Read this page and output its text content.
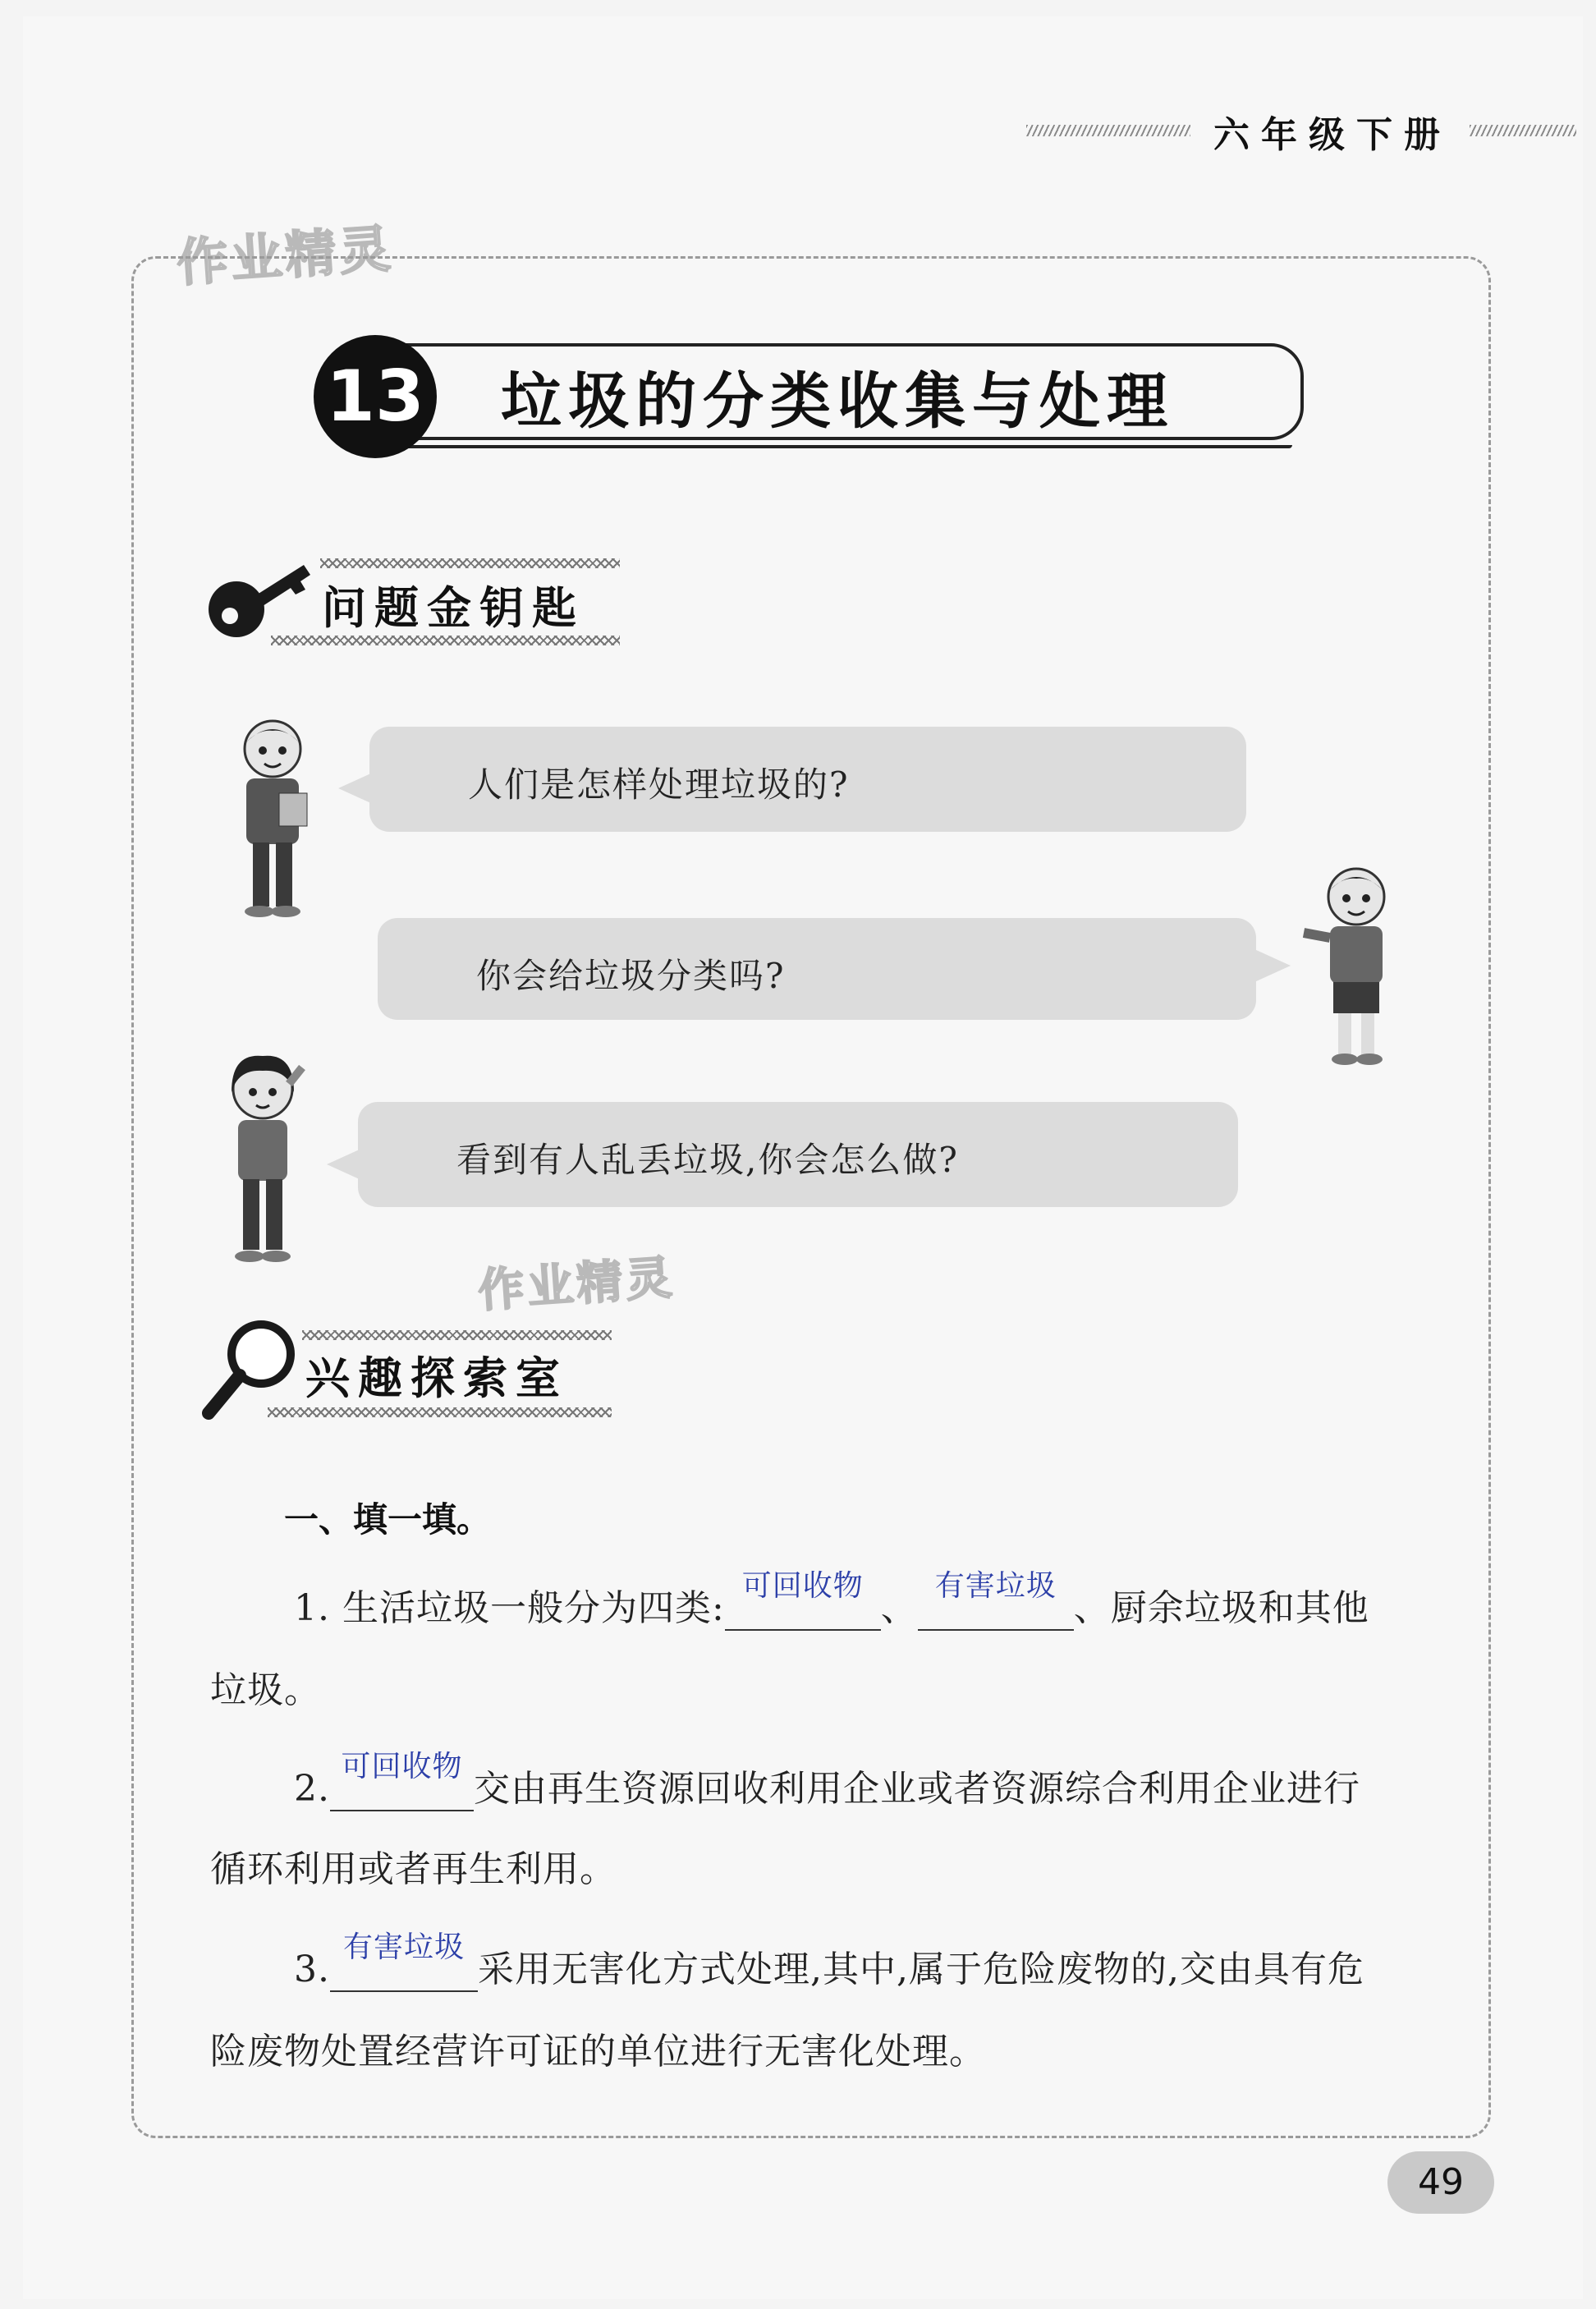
六年级下册
作业精灵
作业精灵
13 垃圾的分类收集与处理
问题金钥匙
人们是怎样处理垃圾的?
你会给垃圾分类吗?
看到有人乱丢垃圾,你会怎么做?
兴趣探索室
一、填一填。
1. 生活垃圾一般分为四类:
可回收物
、
有害垃圾
、厨余垃圾和其他
垃圾。
2.
可回收物
交由再生资源回收利用企业或者资源综合利用企业进行
循环利用或者再生利用。
3.
有害垃圾
采用无害化方式处理,其中,属于危险废物的,交由具有危
险废物处置经营许可证的单位进行无害化处理。
49
